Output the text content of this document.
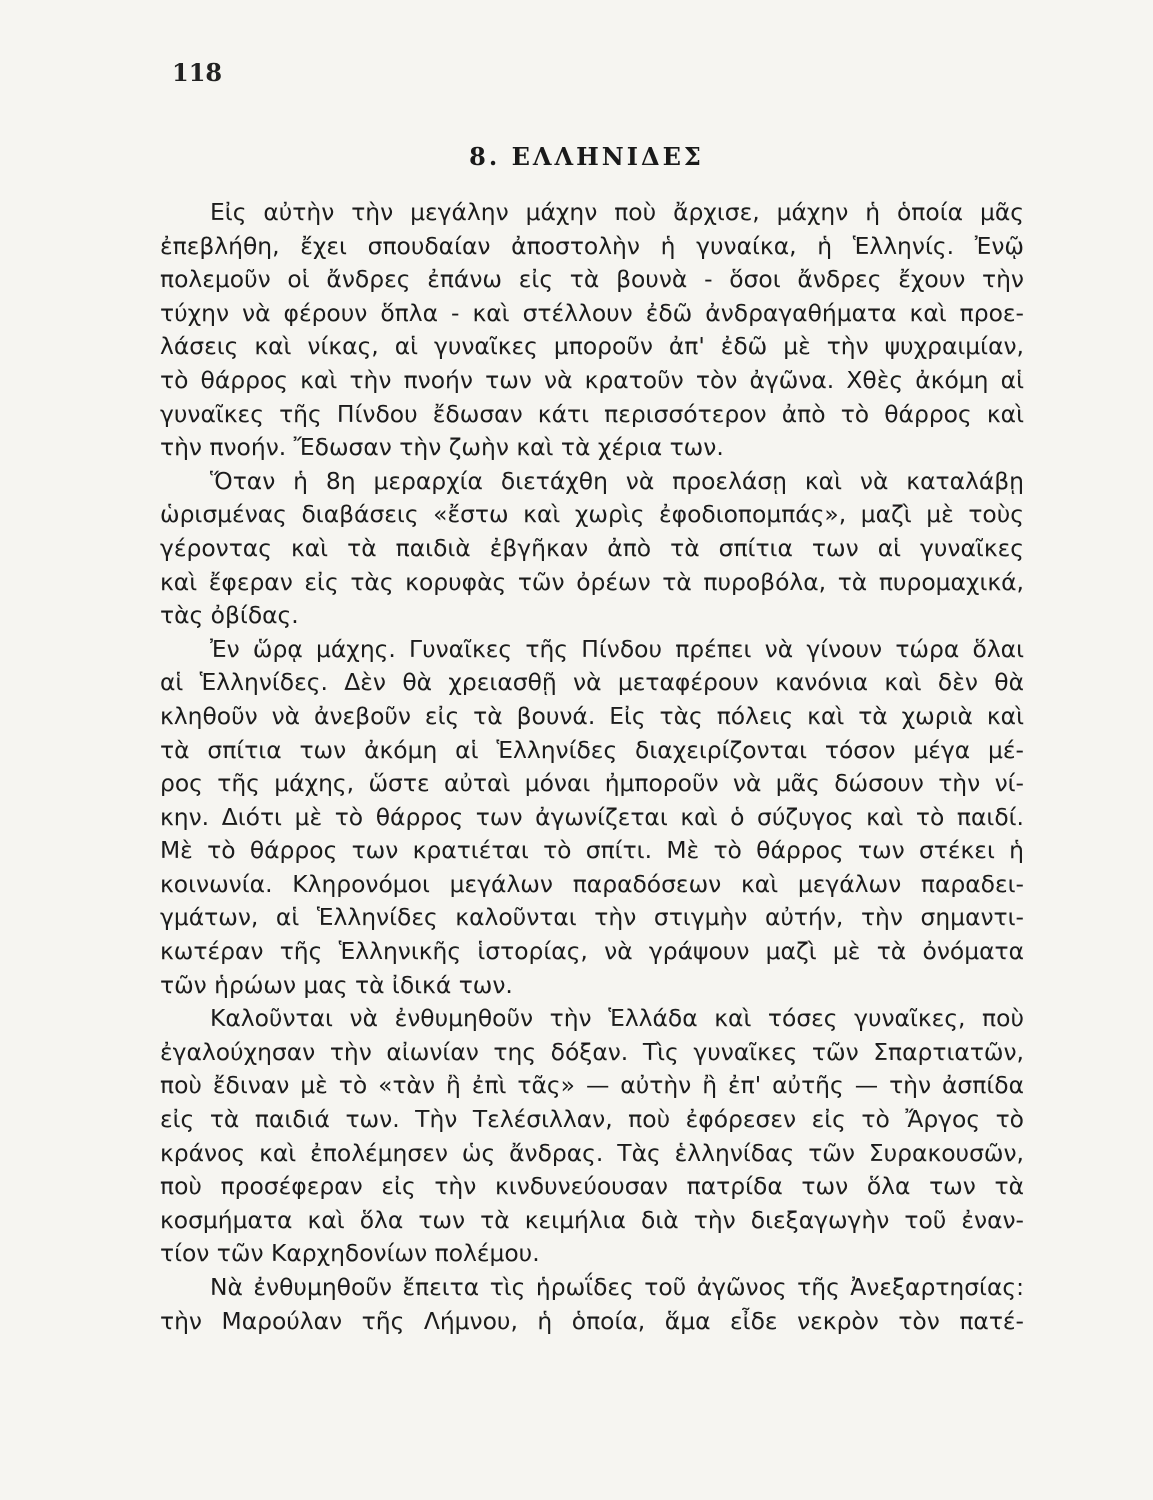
118
8. ΕΛΛΗΝΙΔΕΣ

Εἰς αὐτὴν τὴν μεγάλην μάχην ποὺ ἄρχισε, μάχην ἡ ὁποία μᾶς

ἐπεβλήθη, ἔχει σπουδαίαν ἀποστολὴν ἡ γυναίκα, ἡ Ἑλληνίς. Ἐνῷ

πολεμοῦν οἱ ἄνδρες ἐπάνω εἰς τὰ βουνὰ - ὅσοι ἄνδρες ἔχουν τὴν

τύχην νὰ φέρουν ὅπλα - καὶ στέλλουν ἐδῶ ἀνδραγαθήματα καὶ προε-

λάσεις καὶ νίκας, αἱ γυναῖκες μποροῦν ἀπ' ἐδῶ μὲ τὴν ψυχραιμίαν,

τὸ θάρρος καὶ τὴν πνοήν των νὰ κρατοῦν τὸν ἀγῶνα. Χθὲς ἀκόμη αἱ

γυναῖκες τῆς Πίνδου ἔδωσαν κάτι περισσότερον ἀπὸ τὸ θάρρος καὶ

τὴν πνοήν. Ἔδωσαν τὴν ζωὴν καὶ τὰ χέρια των.

Ὅταν ἡ 8η μεραρχία διετάχθη νὰ προελάσῃ καὶ νὰ καταλάβῃ

ὡρισμένας διαβάσεις «ἔστω καὶ χωρὶς ἐφοδιοπομπάς», μαζὶ μὲ τοὺς

γέροντας καὶ τὰ παιδιὰ ἐβγῆκαν ἀπὸ τὰ σπίτια των αἱ γυναῖκες

καὶ ἔφεραν εἰς τὰς κορυφὰς τῶν ὀρέων τὰ πυροβόλα, τὰ πυρομαχικά,

τὰς ὀβίδας.

Ἐν ὥρᾳ μάχης. Γυναῖκες τῆς Πίνδου πρέπει νὰ γίνουν τώρα ὅλαι

αἱ Ἑλληνίδες. Δὲν θὰ χρειασθῇ νὰ μεταφέρουν κανόνια καὶ δὲν θὰ

κληθοῦν νὰ ἀνεβοῦν εἰς τὰ βουνά. Εἰς τὰς πόλεις καὶ τὰ χωριὰ καὶ

τὰ σπίτια των ἀκόμη αἱ Ἑλληνίδες διαχειρίζονται τόσον μέγα μέ-

ρος τῆς μάχης, ὥστε αὐταὶ μόναι ἠμποροῦν νὰ μᾶς δώσουν τὴν νί-

κην. Διότι μὲ τὸ θάρρος των ἀγωνίζεται καὶ ὁ σύζυγος καὶ τὸ παιδί.

Μὲ τὸ θάρρος των κρατιέται τὸ σπίτι. Μὲ τὸ θάρρος των στέκει ἡ

κοινωνία. Κληρονόμοι μεγάλων παραδόσεων καὶ μεγάλων παραδει-

γμάτων, αἱ Ἑλληνίδες καλοῦνται τὴν στιγμὴν αὐτήν, τὴν σημαντι-

κωτέραν τῆς Ἑλληνικῆς ἱστορίας, νὰ γράψουν μαζὶ μὲ τὰ ὀνόματα

τῶν ἡρώων μας τὰ ἰδικά των.

Καλοῦνται νὰ ἐνθυμηθοῦν τὴν Ἑλλάδα καὶ τόσες γυναῖκες, ποὺ

ἐγαλούχησαν τὴν αἰωνίαν της δόξαν. Τὶς γυναῖκες τῶν Σπαρτιατῶν,

ποὺ ἔδιναν μὲ τὸ «τὰν ἢ ἐπὶ τᾶς» — αὐτὴν ἢ ἐπ' αὐτῆς — τὴν ἀσπίδα

εἰς τὰ παιδιά των. Τὴν Τελέσιλλαν, ποὺ ἐφόρεσεν εἰς τὸ Ἄργος τὸ

κράνος καὶ ἐπολέμησεν ὡς ἄνδρας. Τὰς ἑλληνίδας τῶν Συρακουσῶν,

ποὺ προσέφεραν εἰς τὴν κινδυνεύουσαν πατρίδα των ὅλα των τὰ

κοσμήματα καὶ ὅλα των τὰ κειμήλια διὰ τὴν διεξαγωγὴν τοῦ ἐναν-

τίον τῶν Καρχηδονίων πολέμου.

Νὰ ἐνθυμηθοῦν ἔπειτα τὶς ἡρωΐδες τοῦ ἀγῶνος τῆς Ἀνεξαρτησίας:

τὴν Μαρούλαν τῆς Λήμνου, ἡ ὁποία, ἅμα εἶδε νεκρὸν τὸν πατέ-
